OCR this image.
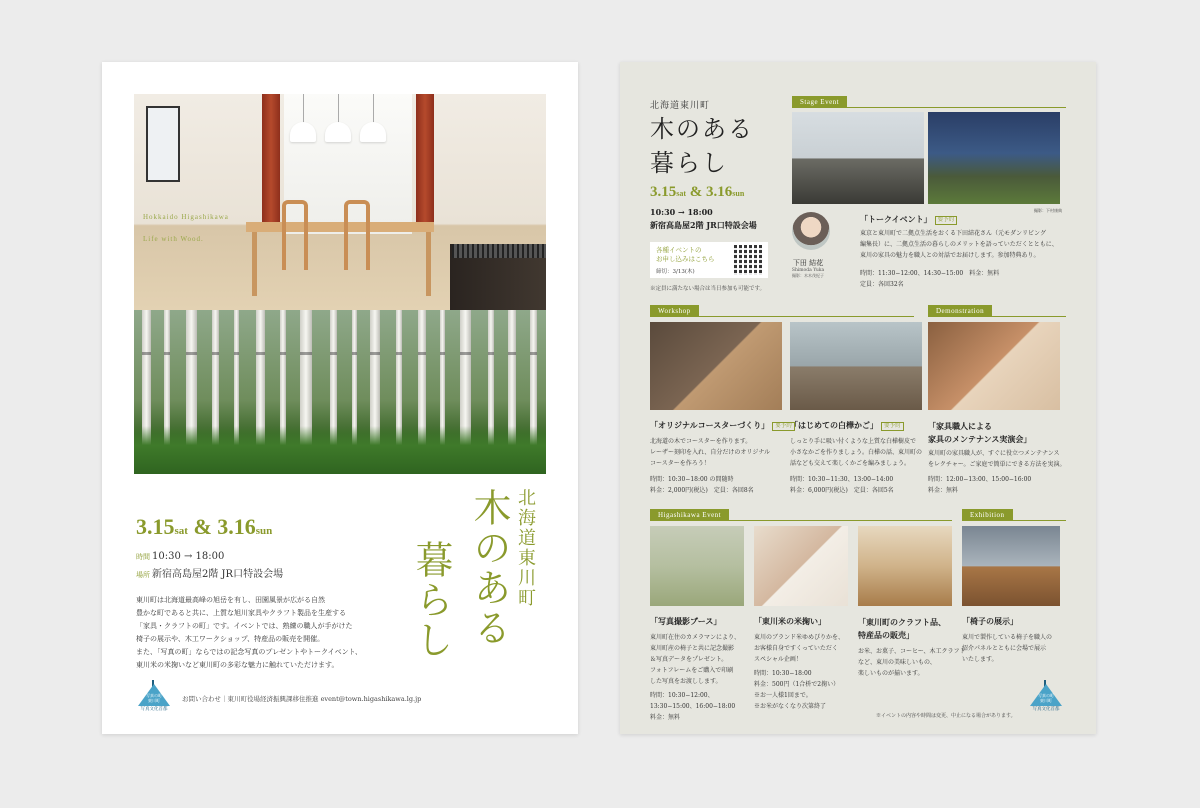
Hokkaido Higashikawa
Life with Wood.
3.15sat & 3.16sun
時間 10:30 → 18:00
場所 新宿高島屋2階 JR口特設会場
東川町は北海道最高峰の旭岳を有し、田園風景が広がる自然
豊かな町であると共に、上質な旭川家具やクラフト製品を生産する
「家具・クラフトの町」です。イベントでは、熟練の職人が手がけた
椅子の展示や、木工ワークショップ、特産品の販売を開催。
また、「写真の町」ならではの記念写真のプレゼントやトークイベント、
東川米の米掬いなど東川町の多彩な魅力に触れていただけます。
北海道東川町
木のある
暮らし
写真の町
東川町
写真文化首都
お問い合わせ｜東川町役場経済振興課移住推進 event@town.higashikawa.lg.jp
北海道東川町
木のある
暮らし
3.15sat & 3.16sun
10:30 → 18:00
新宿高島屋2階 JR口特設会場
各種イベントの
お申し込みはこちら
締切：3/13(木)
※定員に満たない場合は当日参加も可能です。
Stage Event
撮影：下村康典
下田 結花
Shimoda Yuka
撮影：木木茂紀子
「トークイベント」 要予約
東京と東川町で二拠点生活をおくる下田結花さん（元モダンリビング
編集長）に、二拠点生活の暮らしのメリットを語っていただくとともに、
東川の家具の魅力を職人との対話でお届けします。参加特典あり。
時間：11:30−12:00、14:30−15:00　料金：無料
定員：各回32名
Workshop	Demonstration
「オリジナルコースターづくり」 要予約
北海道の木でコースターを作ります。
レーザー刻印を入れ、自分だけのオリジナル
コースターを作ろう！
時間：10:30−18:00 の間随時
料金：2,000円(税込)　定員：各回8名
「はじめての白樺かご」 要予約
しっとり手に吸い付くような上質な白樺樹皮で
小さなかごを作りましょう。白樺の話、東川町の
話なども交えて楽しくかごを編みましょう。
時間：10:30−11:30、13:00−14:00
料金：6,000円(税込)　定員：各回5名
「家具職人による
家具のメンテナンス実演会」
東川町の家具職人が、すぐに役立つメンテナンス
をレクチャー。ご家庭で簡単にできる方法を実演。
時間：12:00−13:00、15:00−16:00
料金：無料
Higashikawa Event	Exhibition
「写真撮影ブース」
東川町在住のカメラマンにより、
東川町産の椅子と共に記念撮影
＆写真データをプレゼント。
フォトフレームをご購入で印刷
した写真をお渡しします。
時間：10:30−12:00、
13:30−15:00、16:00−18:00
料金：無料
「東川米の米掬い」
東川のブランド米ゆめぴりかを、
お客様自身ですくっていただく
スペシャル企画！
時間：10:30−18:00
料金：500円（1合枡で2掬い）
※お一人様1回まで。
※お米がなくなり次第終了
「東川町のクラフト品、
特産品の販売」
お米、お菓子、コーヒー、木工クラフト
など、東川の美味しいもの、
楽しいものが揃います。
「椅子の展示」
東川で製作している椅子を職人の
紹介パネルとともに会場で展示
いたします。
写真の町
東川町
写真文化首都
※イベントの内容や時間は変更、中止になる場合があります。
